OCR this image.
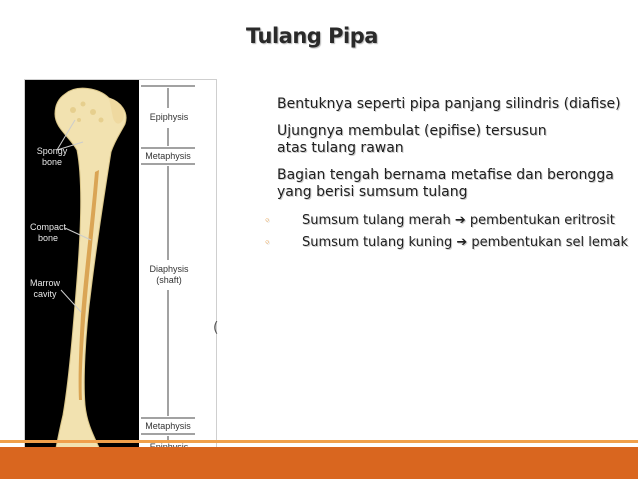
Tulang Pipa
Spongy bone
Compact bone
Marrow cavity
Epiphysis
Metaphysis
Diaphysis (shaft)
Metaphysis
(

Bentuknya seperti pipa panjang silindris (diafise)

Ujungnya membulat (epifise) tersusun atas tulang rawan

Bagian tengah bernama metafise dan berongga yang berisi sumsum tulang

◦ Sumsum tulang merah ➔ pembentukan eritrosit
◦ Sumsum tulang kuning ➔ pembentukan sel lemak
